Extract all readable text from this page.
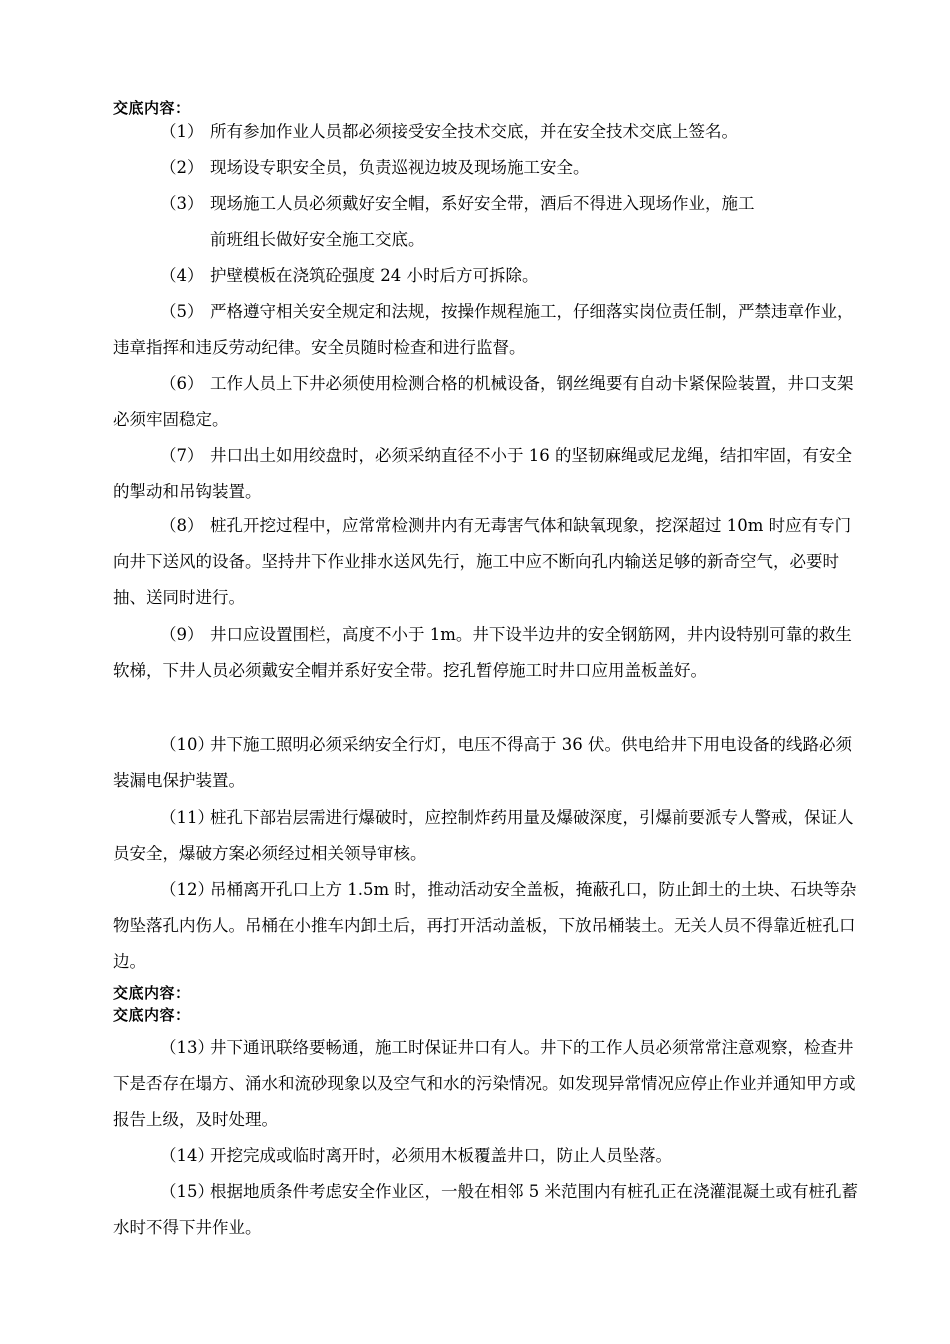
交底内容：

（1） 所有参加作业人员都必须接受安全技术交底，并在安全技术交底上签名。

（2） 现场设专职安全员，负责巡视边坡及现场施工安全。

（3） 现场施工人员必须戴好安全帽，系好安全带，酒后不得进入现场作业，施工
前班组长做好安全施工交底。

（4） 护壁模板在浇筑砼强度 24 小时后方可拆除。

（5） 严格遵守相关安全规定和法规，按操作规程施工，仔细落实岗位责任制，严禁违章作业，违章指挥和违反劳动纪律。安全员随时检查和进行监督。

（6） 工作人员上下井必须使用检测合格的机械设备，钢丝绳要有自动卡紧保险装置，井口支架必须牢固稳定。

（7） 井口出土如用绞盘时，必须采纳直径不小于 16 的坚韧麻绳或尼龙绳，结扣牢固，有安全的掣动和吊钩装置。

（8） 桩孔开挖过程中，应常常检测井内有无毒害气体和缺氧现象，挖深超过 10m 时应有专门向井下送风的设备。坚持井下作业排水送风先行，施工中应不断向孔内输送足够的新奇空气，必要时抽、送同时进行。

（9） 井口应设置围栏，高度不小于 1m。井下设半边井的安全钢筋网，井内设特别可靠的救生软梯，下井人员必须戴安全帽并系好安全带。挖孔暂停施工时井口应用盖板盖好。

（10）井下施工照明必须采纳安全行灯，电压不得高于 36 伏。供电给井下用电设备的线路必须装漏电保护装置。

（11）桩孔下部岩层需进行爆破时，应控制炸药用量及爆破深度，引爆前要派专人警戒，保证人员安全，爆破方案必须经过相关领导审核。

（12）吊桶离开孔口上方 1.5m 时，推动活动安全盖板，掩蔽孔口，防止卸土的土块、石块等杂物坠落孔内伤人。吊桶在小推车内卸土后，再打开活动盖板，下放吊桶装土。无关人员不得靠近桩孔口边。

交底内容：
交底内容：

（13）井下通讯联络要畅通，施工时保证井口有人。井下的工作人员必须常常注意观察，检查井下是否存在塌方、涌水和流砂现象以及空气和水的污染情况。如发现异常情况应停止作业并通知甲方或报告上级，及时处理。

（14）开挖完成或临时离开时，必须用木板覆盖井口，防止人员坠落。

（15）根据地质条件考虑安全作业区，一般在相邻 5 米范围内有桩孔正在浇灌混凝土或有桩孔蓄水时不得下井作业。
